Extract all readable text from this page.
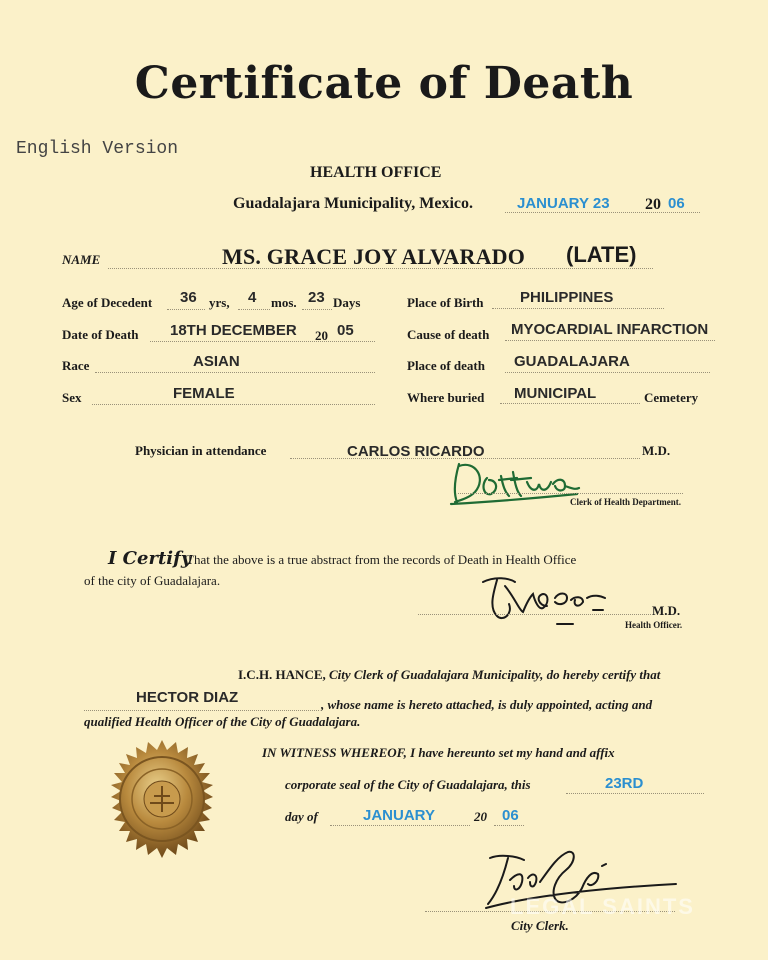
Certificate of Death
English Version
HEALTH OFFICE
Guadalajara Municipality, Mexico.	JANUARY 23 20 06
NAME	MS. GRACE JOY ALVARADO (LATE)
Age of Decedent 36 yrs, 4 mos. 23 Days
Date of Death 18TH DECEMBER 20 05
Race	ASIAN
Sex	FEMALE
Place of Birth PHILIPPINES
Cause of death MYOCARDIAL INFARCTION
Place of death GUADALAJARA
Where buried MUNICIPAL	Cemetery
Physician in attendance	CARLOS RICARDO	M.D.
Clerk of Health Department.
I Certify
That the above is a true abstract from the records of Death in Health Office
of the city of Guadalajara.
M.D.
Health Officer.
I.C.H. HANCE, City Clerk of Guadalajara Municipality, do hereby certify that
HECTOR DIAZ	, whose name is hereto attached, is duly appointed, acting and
qualified Health Officer of the City of Guadalajara.
IN WITNESS WHEREOF, I have hereunto set my hand and affix
corporate seal of the City of Guadalajara, this	23RD
day of	JANUARY	20 06
City Clerk.
LEGAL SAINTS
